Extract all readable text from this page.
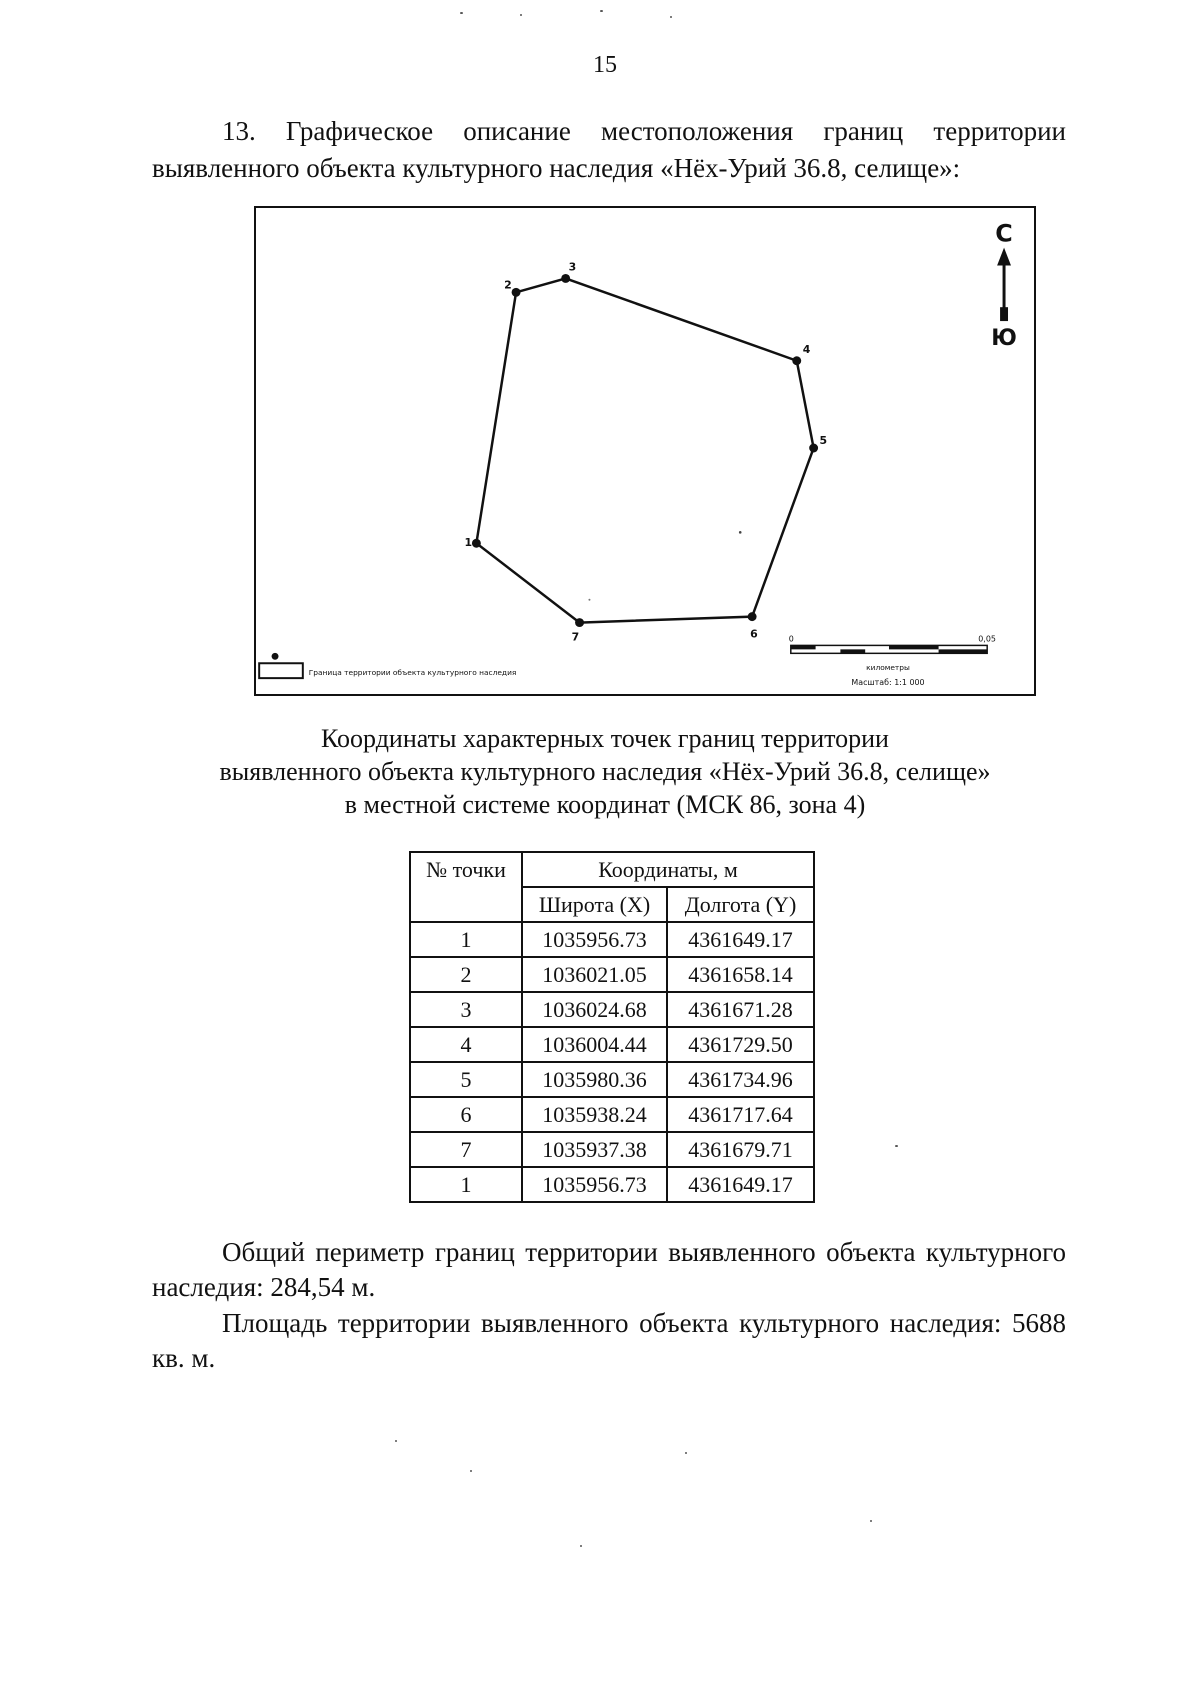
15

13. Графическое описание местоположения границ территории выявленного объекта культурного наследия «Нёх-Урий 36.8, селище»:

1
2
3
4
5
6
7
С
Ю
Граница территории объекта культурного наследия
0	0,05
километры
Масштаб: 1:1 000
Координаты характерных точек границ территории
выявленного объекта культурного наследия «Нёх-Урий 36.8, селище»
в местной системе координат (МСК 86, зона 4)
№ точки	Координаты, м	
	Широта (X)	Долгота (Y)
1	1035956.73	4361649.17
2	1036021.05	4361658.14
3	1036024.68	4361671.28
4	1036004.44	4361729.50
5	1035980.36	4361734.96
6	1035938.24	4361717.64
7	1035937.38	4361679.71
1	1035956.73	4361649.17

Общий периметр границ территории выявленного объекта культурного наследия: 284,54 м.

Площадь территории выявленного объекта культурного наследия: 5688 кв. м.
